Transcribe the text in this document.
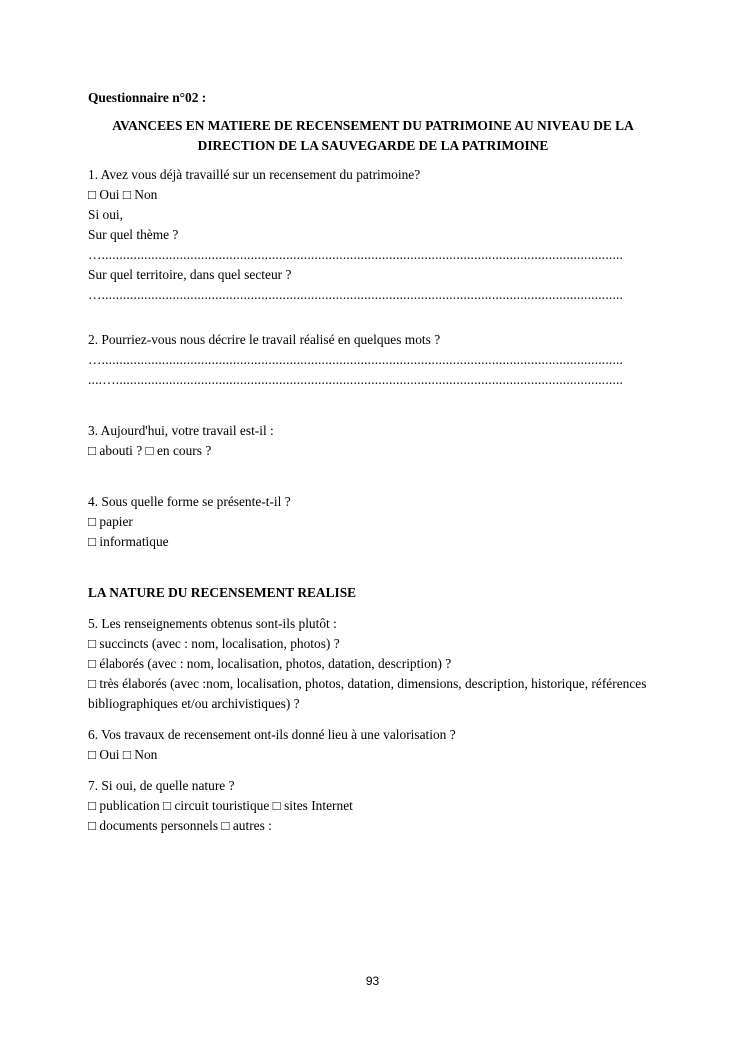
Questionnaire n°02 :
AVANCEES EN MATIERE DE RECENSEMENT DU PATRIMOINE AU NIVEAU DE LA DIRECTION DE LA SAUVEGARDE DE LA PATRIMOINE
1. Avez vous déjà travaillé sur un recensement du patrimoine?
□ Oui □ Non
Si oui,
Sur quel thème ?
…...................................................................................................................................................
Sur quel territoire, dans quel secteur ?
…...................................................................................................................................................
2. Pourriez-vous nous décrire le travail réalisé en quelques mots ?
…...................................................................................................................................................
....…...............................................................................................................................................
3. Aujourd'hui, votre travail est-il :
□ abouti ? □ en cours ?
4. Sous quelle forme se présente-t-il ?
□ papier
□ informatique
LA NATURE DU RECENSEMENT REALISE
5. Les renseignements obtenus sont-ils plutôt :
□ succincts (avec : nom, localisation, photos) ?
□ élaborés (avec : nom, localisation, photos, datation, description) ?
□ très élaborés (avec :nom, localisation, photos, datation, dimensions, description, historique, références bibliographiques et/ou archivistiques) ?
6. Vos travaux de recensement ont-ils donné lieu à une valorisation ?
□ Oui □ Non
7. Si oui, de quelle nature ?
□ publication □ circuit touristique □ sites Internet
□ documents personnels □ autres :
93
